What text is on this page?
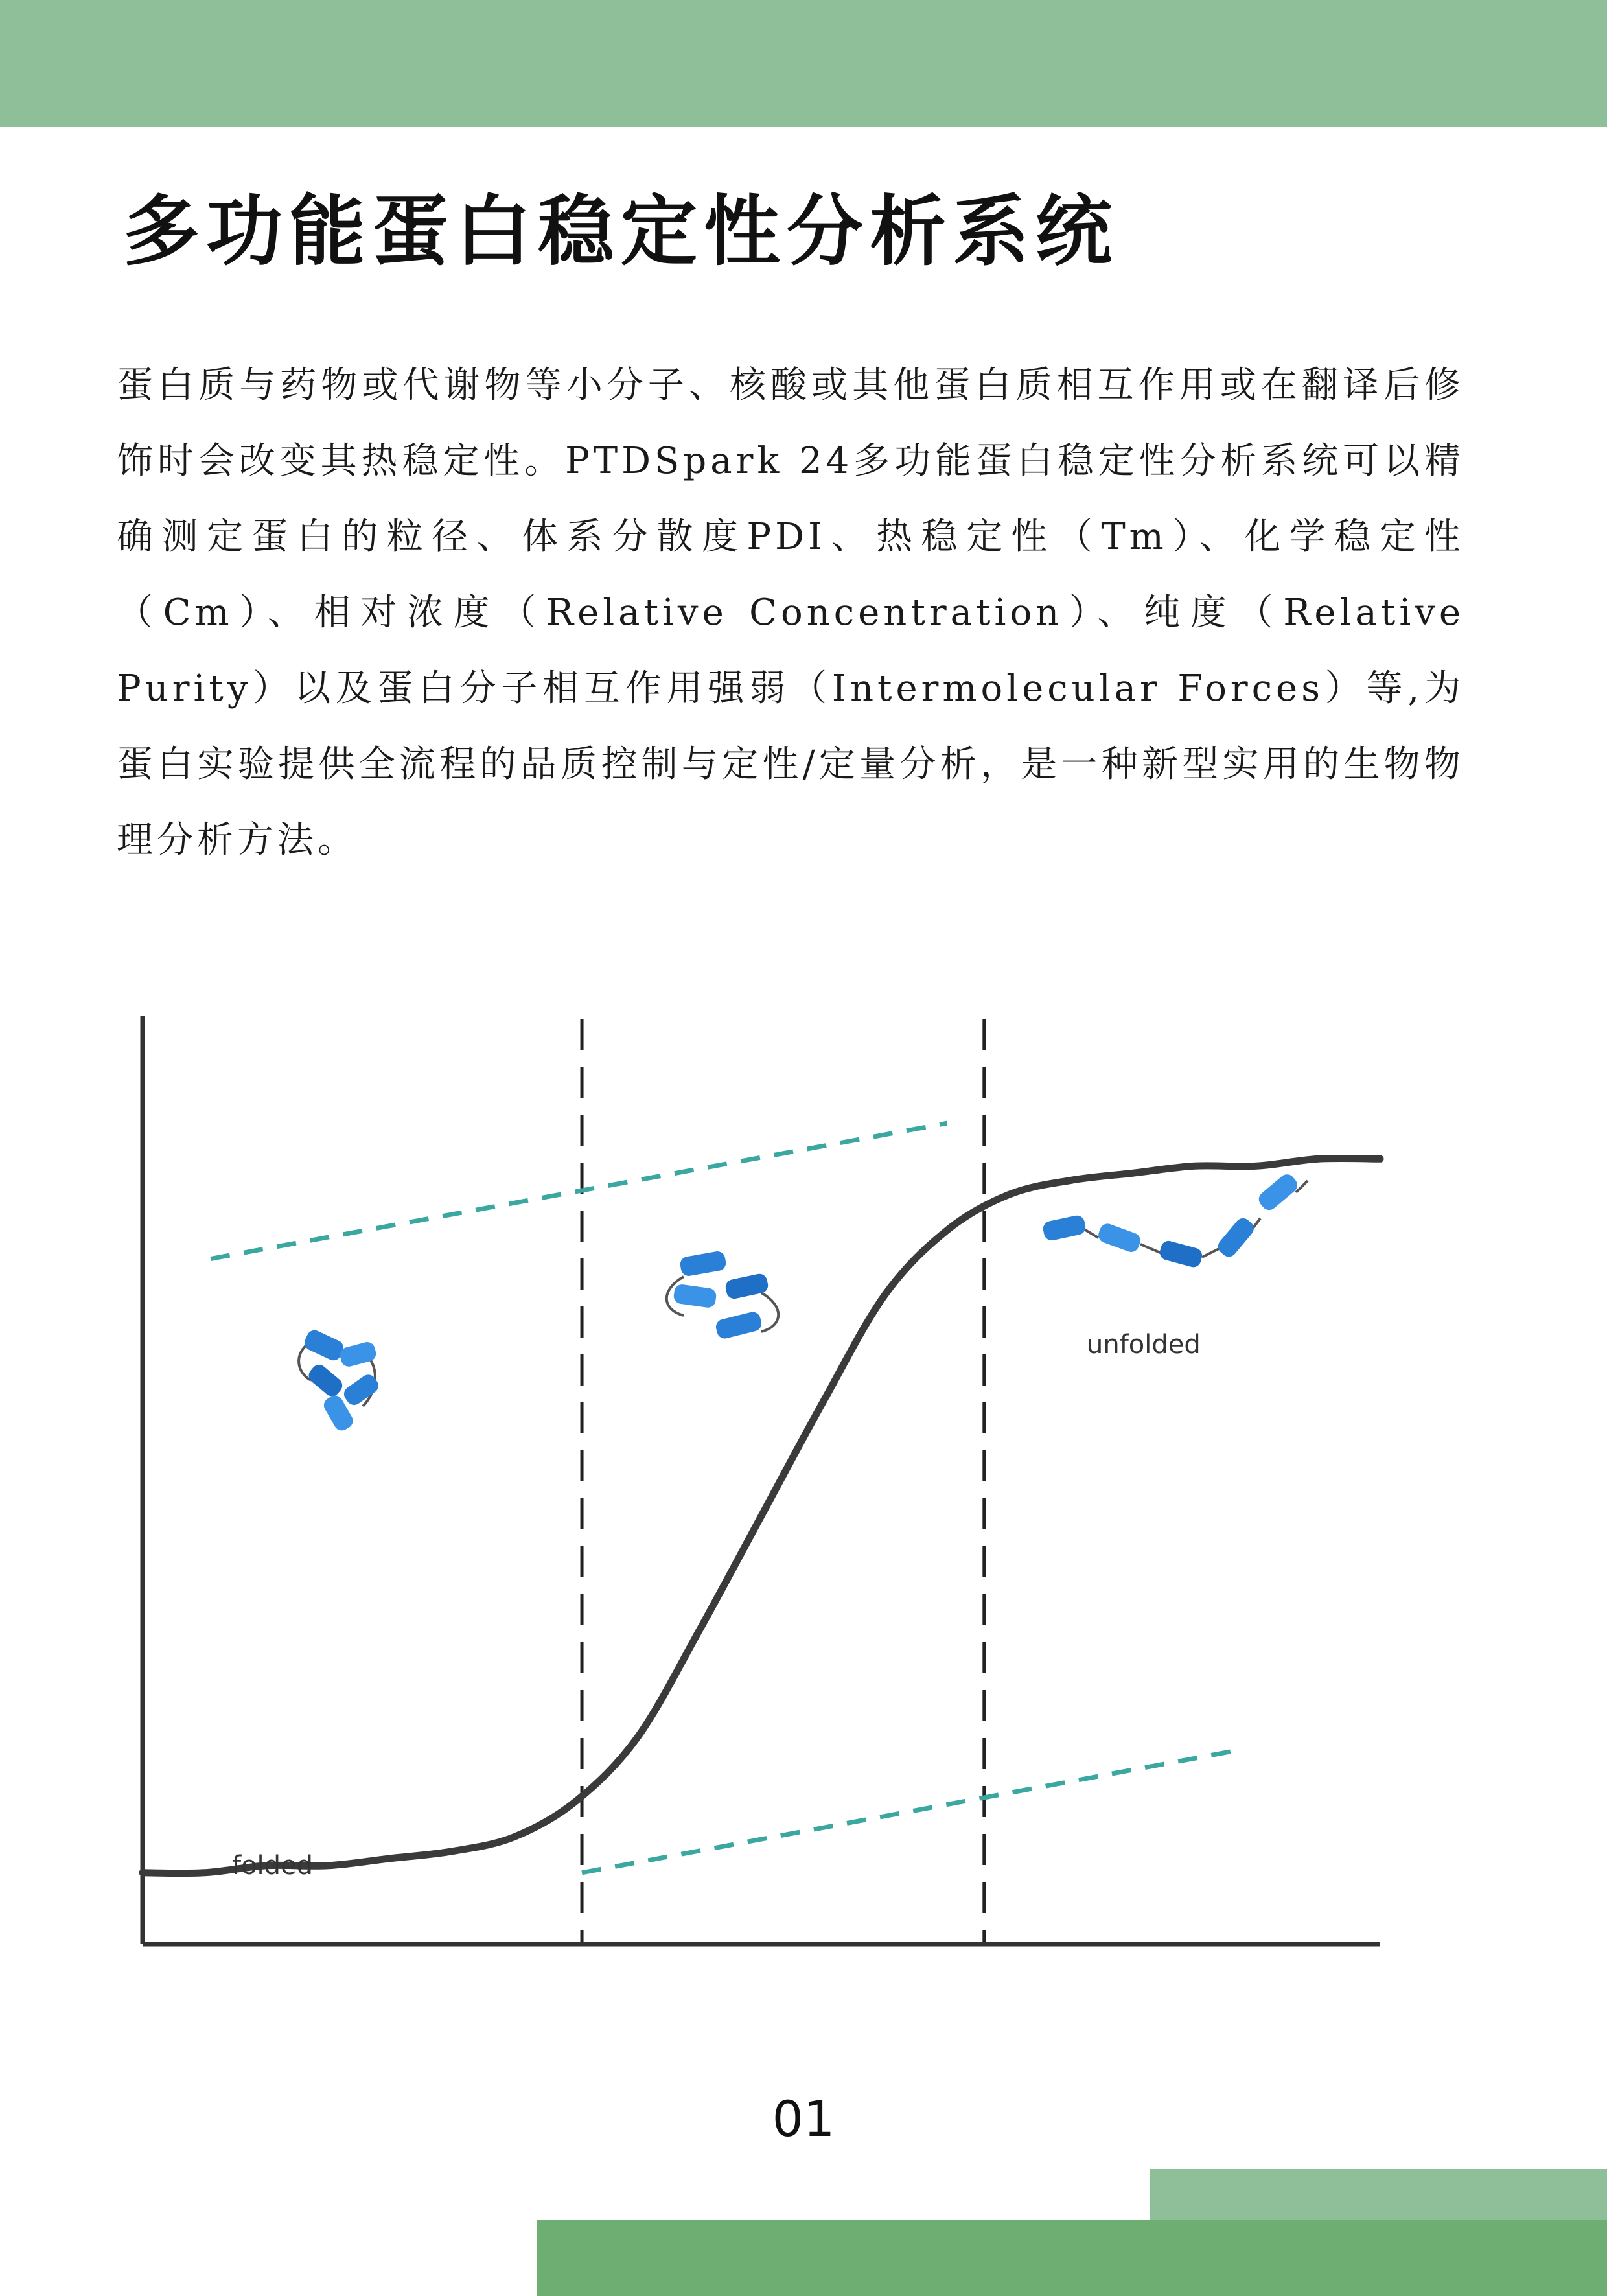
多功能蛋白稳定性分析系统

蛋白质与药物或代谢物等小分子、核酸或其他蛋白质相互作用或在翻译后修饰时会改变其热稳定性。PTDSpark 24多功能蛋白稳定性分析系统可以精确测定蛋白的粒径、体系分散度PDI、热稳定性（Tm）、化学稳定性（Cm）、相对浓度（Relative Concentration）、纯度（Relative Purity）以及蛋白分子相互作用强弱（Intermolecular Forces）等,为蛋白实验提供全流程的品质控制与定性/定量分析，是一种新型实用的生物物理分析方法。

folded
unfolded
01
